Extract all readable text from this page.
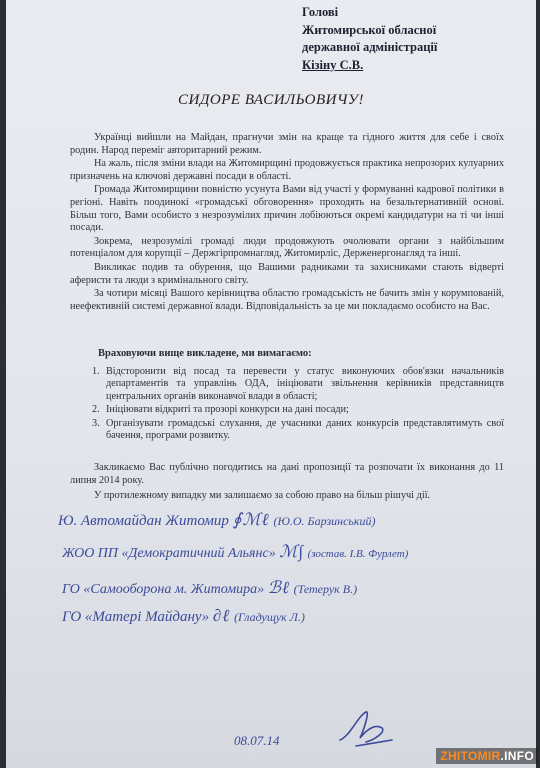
Голові
Житомирської обласної
державної адміністрації
Кізіну С.В.
СИДОРЕ ВАСИЛЬОВИЧУ!

Українці вийшли на Майдан, прагнучи змін на краще та гідного життя для себе і своїх родин. Народ переміг авторитарний режим.

На жаль, після зміни влади на Житомирщині продовжується практика непрозорих кулуарних призначень на ключові державні посади в області.

Громада Житомирщини повністю усунута Вами від участі у формуванні кадрової політики в регіоні. Навіть поодинокі «громадські обговорення» проходять на безальтернативній основі. Більш того, Вами особисто з незрозумілих причин лобіюються окремі кандидатури на ті чи інші посади.

Зокрема, незрозумілі громаді люди продовжують очолювати органи з найбільшим потенціалом для корупції – Держгірпромнагляд, Житомирліс, Держенергонагляд та інші.

Викликає подив та обурення, що Вашими радниками та захисниками стають відверті аферисти та люди з кримінального світу.

За чотири місяці Вашого керівництва областю громадськість не бачить змін у корумпованій, неефективній системі державної влади. Відповідальність за це ми покладаємо особисто на Вас.

Враховуючи вище викладене, ми вимагаємо:
1. Відсторонити від посад та перевести у статус виконуючих обов'язки начальників департаментів та управлінь ОДА, ініціювати звільнення керівників представництв центральних органів виконавчої влади в області;
2. Ініціювати відкриті та прозорі конкурси на дані посади;
3. Організувати громадські слухання, де учасники даних конкурсів представлятимуть свої бачення, програми розвитку.

Закликаємо Вас публічно погодитись на дані пропозиції та розпочати їх виконання до 11 липня 2014 року.

У протилежному випадку ми залишаємо за собою право на більш рішучі дії.

Ю. Автомайдан Житомир ∮ℳℓ (Ю.О. Барзинський)
ЖОО ПП «Демократичний Альянс» ℳ∫ (зостав. І.В. Фурлет)
ГО «Самооборона м. Житомира» ℬℓ (Тетерук В.)
ГО «Матері Майдану» ∂ℓ (Гладущук Л.)
08.07.14
ZHITOMIR.INFO
